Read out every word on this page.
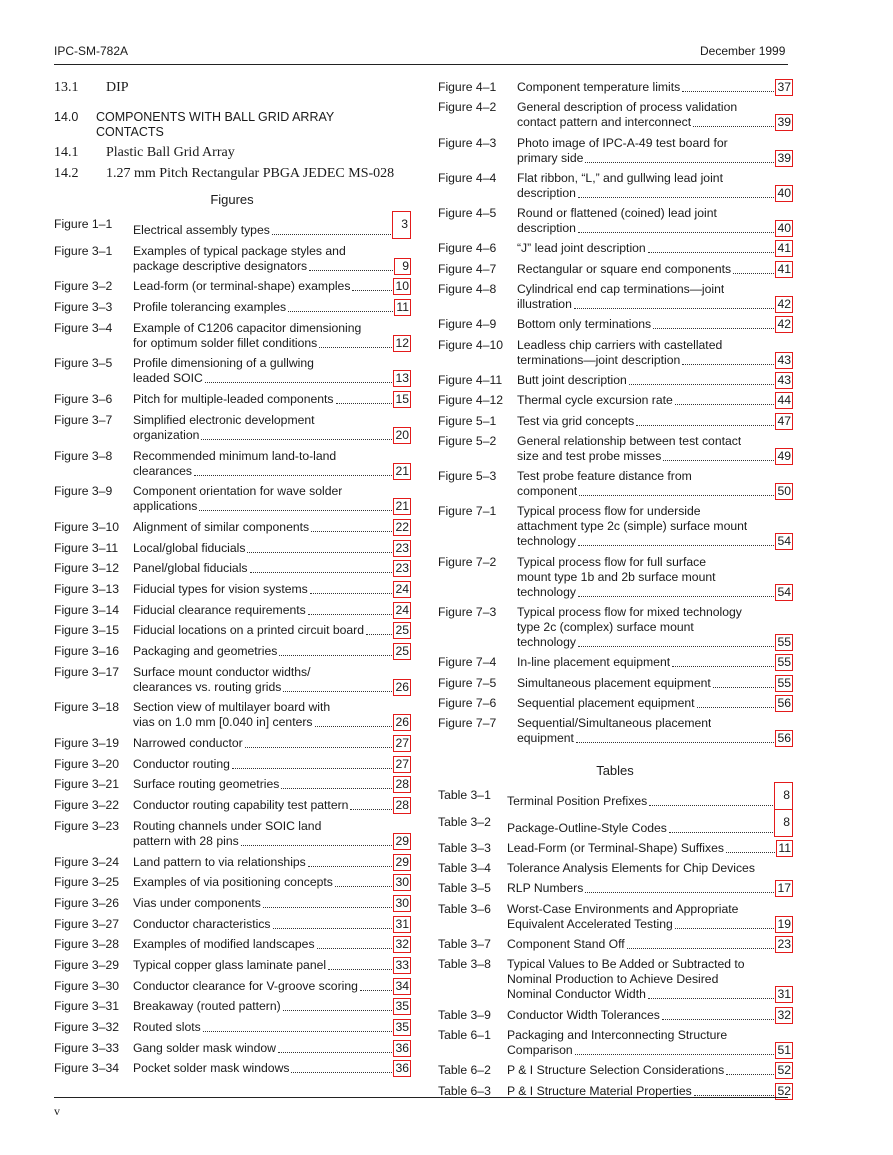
IPC-SM-782A	December 1999
13.1	DIP
14.0	COMPONENTS WITH BALL GRID ARRAY CONTACTS
14.1	Plastic Ball Grid Array
14.2	1.27 mm Pitch Rectangular PBGA JEDEC MS-028
Figures
Figure 1–1	Electrical assembly types	3
Figure 3–1	Examples of typical package styles and
package descriptive designators	9
Figure 3–2	Lead-form (or terminal-shape) examples	10
Figure 3–3	Profile tolerancing examples	11
Figure 3–4	Example of C1206 capacitor dimensioning
for optimum solder fillet conditions	12
Figure 3–5	Profile dimensioning of a gullwing
leaded SOIC	13
Figure 3–6	Pitch for multiple-leaded components	15
Figure 3–7	Simplified electronic development
organization	20
Figure 3–8	Recommended minimum land-to-land
clearances	21
Figure 3–9	Component orientation for wave solder
applications	21
Figure 3–10	Alignment of similar components	22
Figure 3–11	Local/global fiducials	23
Figure 3–12	Panel/global fiducials	23
Figure 3–13	Fiducial types for vision systems	24
Figure 3–14	Fiducial clearance requirements	24
Figure 3–15	Fiducial locations on a printed circuit board	25
Figure 3–16	Packaging and geometries	25
Figure 3–17	Surface mount conductor widths/
clearances vs. routing grids	26
Figure 3–18	Section view of multilayer board with
vias on 1.0 mm [0.040 in] centers	26
Figure 3–19	Narrowed conductor	27
Figure 3–20	Conductor routing	27
Figure 3–21	Surface routing geometries	28
Figure 3–22	Conductor routing capability test pattern	28
Figure 3–23	Routing channels under SOIC land
pattern with 28 pins	29
Figure 3–24	Land pattern to via relationships	29
Figure 3–25	Examples of via positioning concepts	30
Figure 3–26	Vias under components	30
Figure 3–27	Conductor characteristics	31
Figure 3–28	Examples of modified landscapes	32
Figure 3–29	Typical copper glass laminate panel	33
Figure 3–30	Conductor clearance for V-groove scoring	34
Figure 3–31	Breakaway (routed pattern)	35
Figure 3–32	Routed slots	35
Figure 3–33	Gang solder mask window	36
Figure 3–34	Pocket solder mask windows	36
Figure 4–1	Component temperature limits	37
Figure 4–2	General description of process validation
contact pattern and interconnect	39
Figure 4–3	Photo image of IPC-A-49 test board for
primary side	39
Figure 4–4	Flat ribbon, “L,” and gullwing lead joint
description	40
Figure 4–5	Round or flattened (coined) lead joint
description	40
Figure 4–6	“J” lead joint description	41
Figure 4–7	Rectangular or square end components	41
Figure 4–8	Cylindrical end cap terminations—joint
illustration	42
Figure 4–9	Bottom only terminations	42
Figure 4–10	Leadless chip carriers with castellated
terminations—joint description	43
Figure 4–11	Butt joint description	43
Figure 4–12	Thermal cycle excursion rate	44
Figure 5–1	Test via grid concepts	47
Figure 5–2	General relationship between test contact
size and test probe misses	49
Figure 5–3	Test probe feature distance from
component	50
Figure 7–1	Typical process flow for underside
attachment type 2c (simple) surface mount
technology	54
Figure 7–2	Typical process flow for full surface
mount type 1b and 2b surface mount
technology	54
Figure 7–3	Typical process flow for mixed technology
type 2c (complex) surface mount
technology	55
Figure 7–4	In-line placement equipment	55
Figure 7–5	Simultaneous placement equipment	55
Figure 7–6	Sequential placement equipment	56
Figure 7–7	Sequential/Simultaneous placement
equipment	56
Tables
Table 3–1	Terminal Position Prefixes	8
Table 3–2	Package-Outline-Style Codes	8
Table 3–3	Lead-Form (or Terminal-Shape) Suffixes	11
Table 3–4	Tolerance Analysis Elements for Chip Devices
Table 3–5	RLP Numbers	17
Table 3–6	Worst-Case Environments and Appropriate
Equivalent Accelerated Testing	19
Table 3–7	Component Stand Off	23
Table 3–8	Typical Values to Be Added or Subtracted to
Nominal Production to Achieve Desired
Nominal Conductor Width	31
Table 3–9	Conductor Width Tolerances	32
Table 6–1	Packaging and Interconnecting Structure
Comparison	51
Table 6–2	P & I Structure Selection Considerations	52
Table 6–3	P & I Structure Material Properties	52
v
